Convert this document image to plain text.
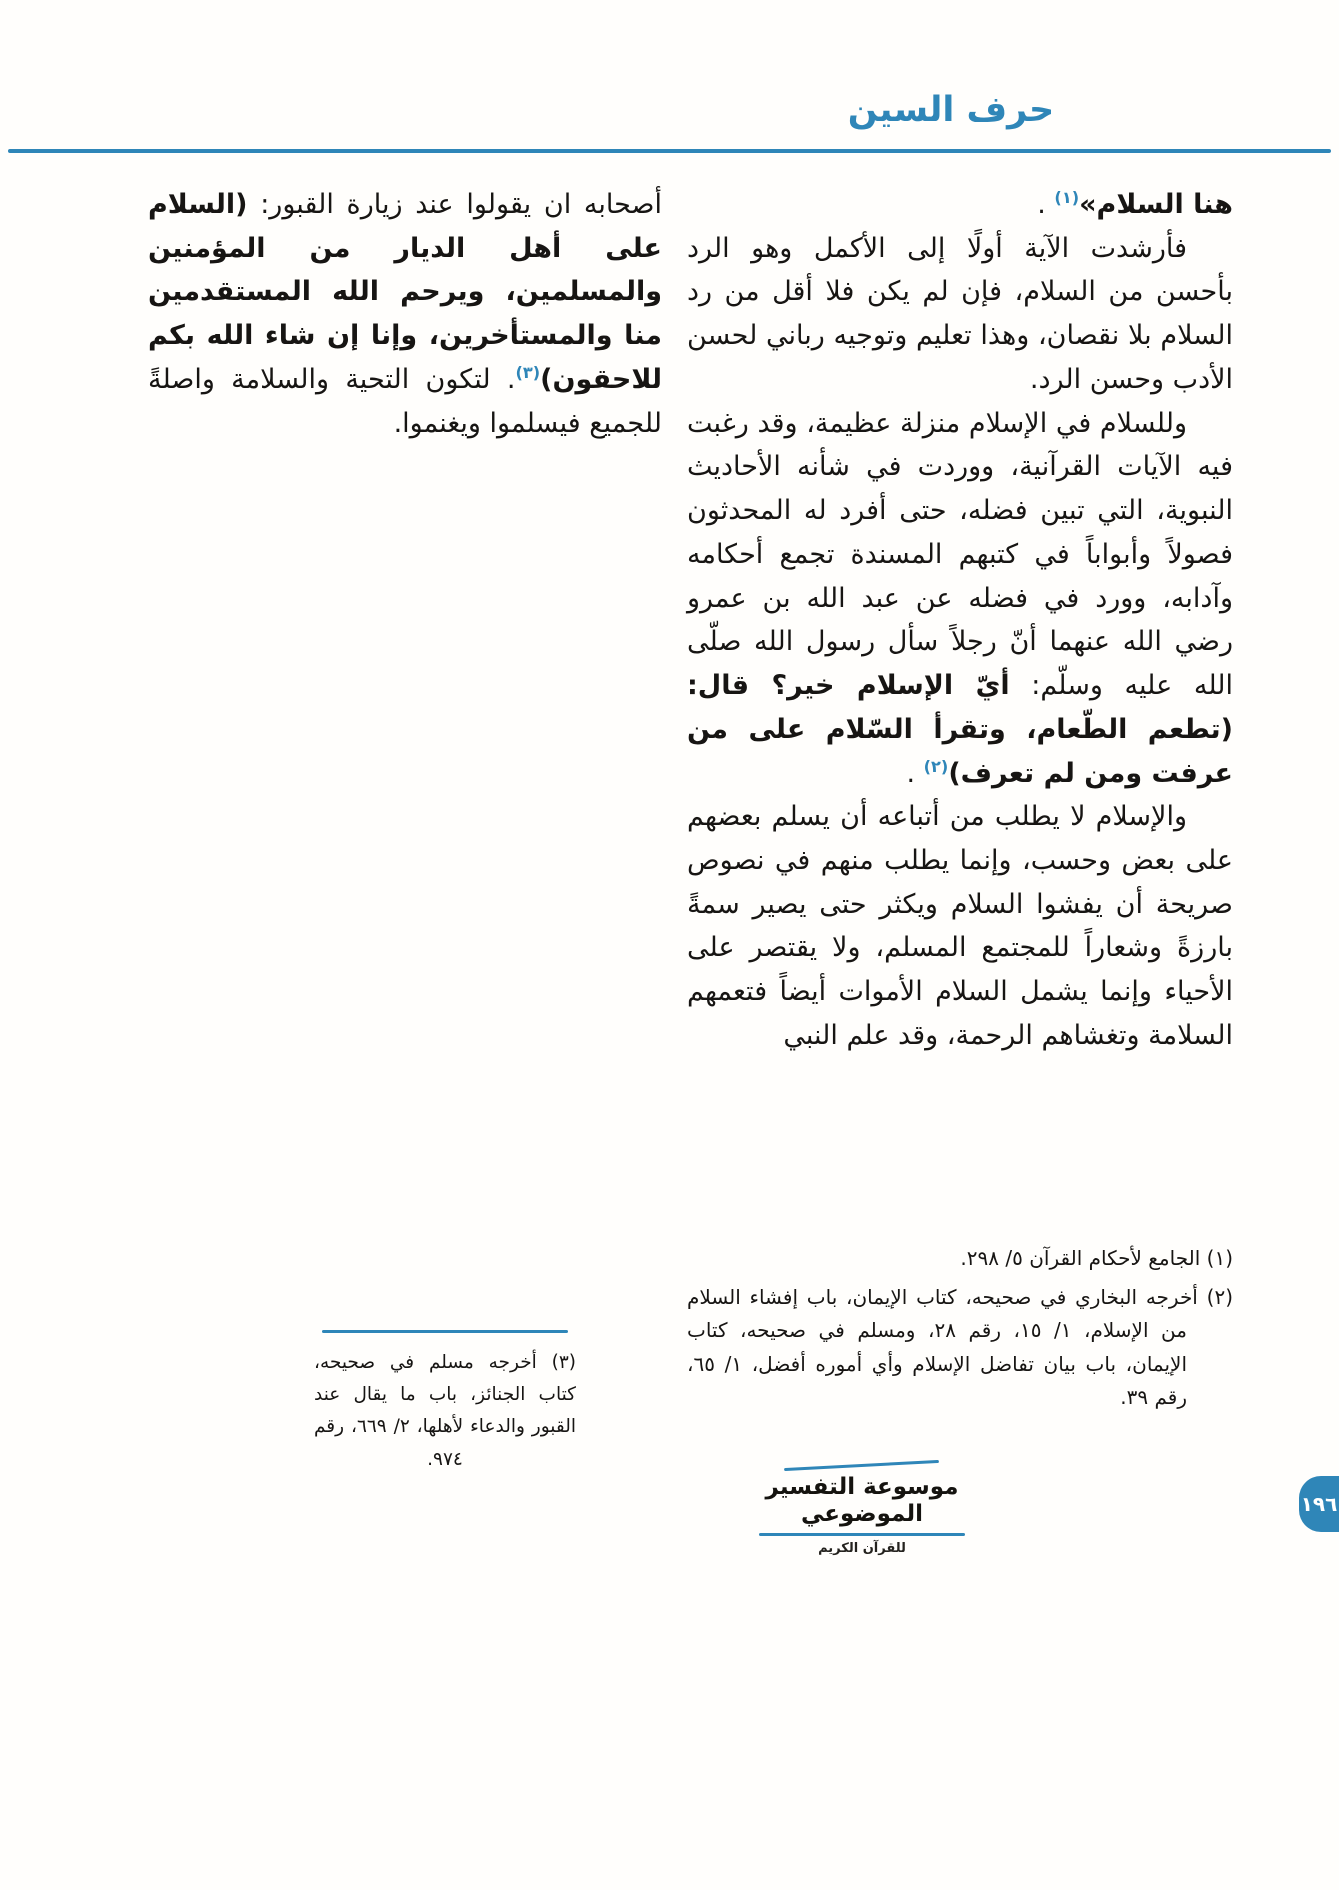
حرف السين

هنا السلام»$^{(١)}$ .

فأرشدت الآية أولًا إلى الأكمل وهو الرد بأحسن من السلام، فإن لم يكن فلا أقل من رد السلام بلا نقصان، وهذا تعليم وتوجيه رباني لحسن الأدب وحسن الرد.

وللسلام في الإسلام منزلة عظيمة، وقد رغبت فيه الآيات القرآنية، ووردت في شأنه الأحاديث النبوية، التي تبين فضله، حتى أفرد له المحدثون فصولاً وأبواباً في كتبهم المسندة تجمع أحكامه وآدابه، وورد في فضله عن عبد الله بن عمرو رضي الله عنهما أنّ رجلاً سأل رسول الله صلّى الله عليه وسلّم: أيّ الإسلام خير؟ قال: (تطعم الطّعام، وتقرأ السّلام على من عرفت ومن لم تعرف)$^{(٢)}$ .

والإسلام لا يطلب من أتباعه أن يسلم بعضهم على بعض وحسب، وإنما يطلب منهم في نصوص صريحة أن يفشوا السلام ويكثر حتى يصير سمةً بارزةً وشعاراً للمجتمع المسلم، ولا يقتصر على الأحياء وإنما يشمل السلام الأموات أيضاً فتعمهم السلامة وتغشاهم الرحمة، وقد علم النبي

أصحابه ان يقولوا عند زيارة القبور: (السلام على أهل الديار من المؤمنين والمسلمين، ويرحم الله المستقدمين منا والمستأخرين، وإنا إن شاء الله بكم للاحقون)$^{(٣)}$. لتكون التحية والسلامة واصلةً للجميع فيسلموا ويغنموا.

(١) الجامع لأحكام القرآن ٥/ ٢٩٨.
(٢) أخرجه البخاري في صحيحه، كتاب الإيمان، باب إفشاء السلام من الإسلام، ١/ ١٥، رقم ٢٨، ومسلم في صحيحه، كتاب الإيمان، باب بيان تفاضل الإسلام وأي أموره أفضل، ١/ ٦٥، رقم ٣٩.
(٣) أخرجه مسلم في صحيحه، كتاب الجنائز، باب ما يقال عند القبور والدعاء لأهلها، ٢/ ٦٦٩، رقم ٩٧٤.
موسوعة التفسير الموضوعي
للقرآن الكريم
١٩٦
